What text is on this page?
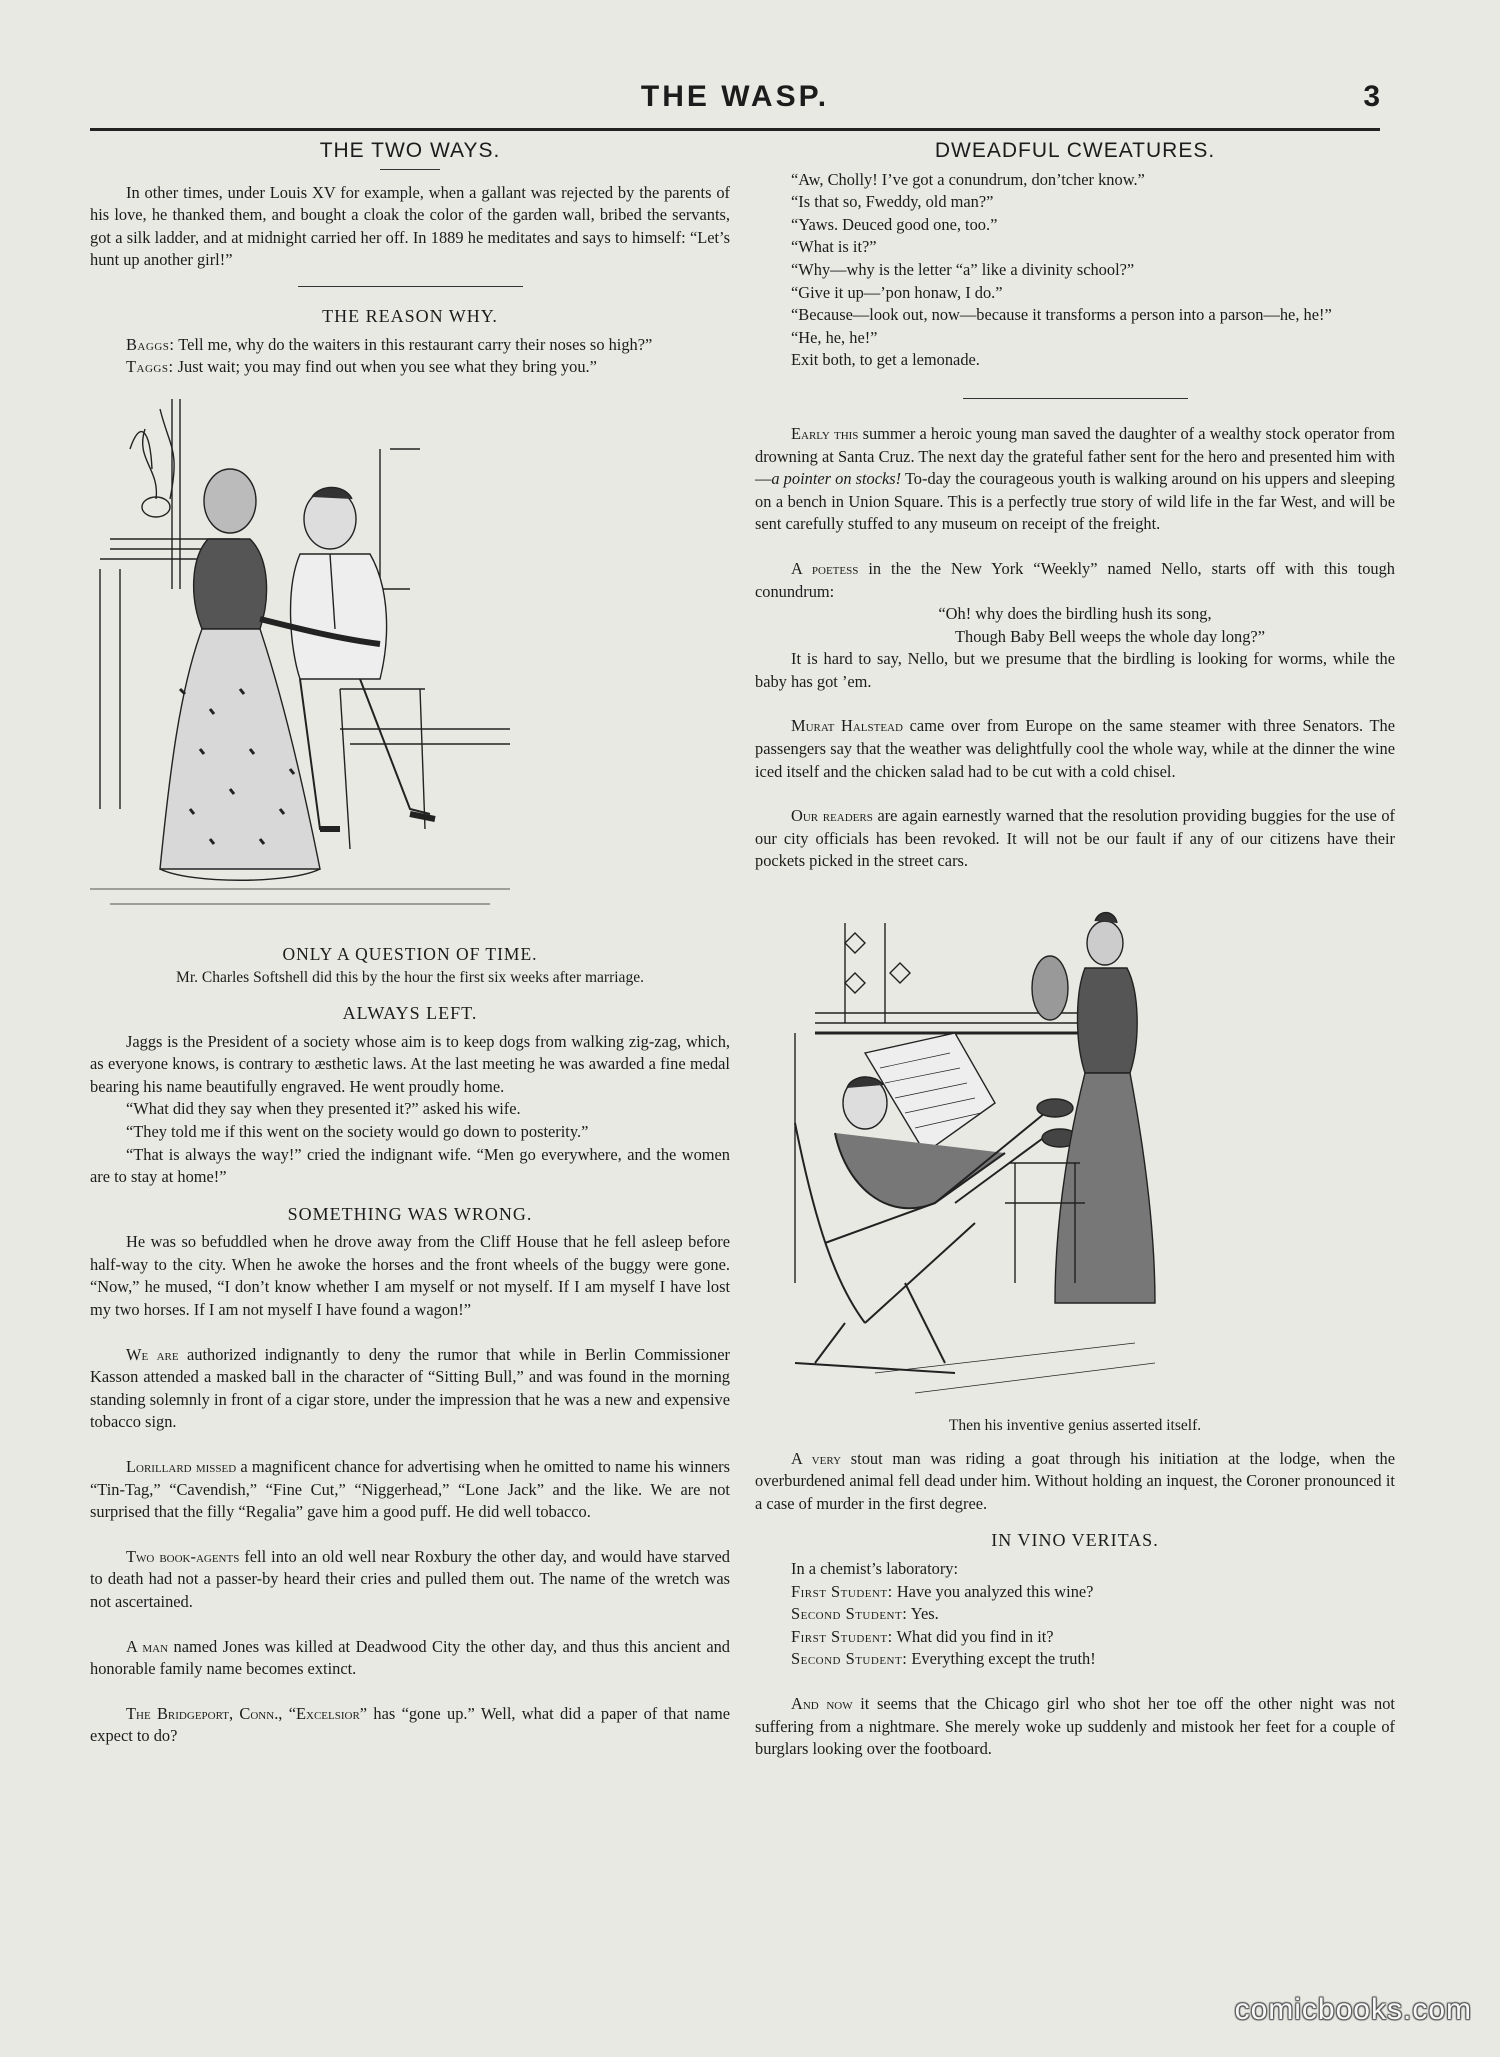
THE WASP.	3
THE TWO WAYS.

In other times, under Louis XV for example, when a gallant was rejected by the parents of his love, he thanked them, and bought a cloak the color of the garden wall, bribed the servants, got a silk ladder, and at midnight carried her off. In 1889 he meditates and says to himself: “Let’s hunt up another girl!”

THE REASON WHY.

Baggs: Tell me, why do the waiters in this restaurant carry their noses so high?”

Taggs: Just wait; you may find out when you see what they bring you.”

ONLY A QUESTION OF TIME.
Mr. Charles Softshell did this by the hour the first six weeks after marriage.
ALWAYS LEFT.

Jaggs is the President of a society whose aim is to keep dogs from walking zig-zag, which, as everyone knows, is contrary to æsthetic laws. At the last meeting he was awarded a fine medal bearing his name beautifully engraved. He went proudly home.

“What did they say when they presented it?” asked his wife.

“They told me if this went on the society would go down to posterity.”

“That is always the way!” cried the indignant wife. “Men go everywhere, and the women are to stay at home!”

SOMETHING WAS WRONG.

He was so befuddled when he drove away from the Cliff House that he fell asleep before half-way to the city. When he awoke the horses and the front wheels of the buggy were gone. “Now,” he mused, “I don’t know whether I am myself or not myself. If I am myself I have lost my two horses. If I am not myself I have found a wagon!”

We are authorized indignantly to deny the rumor that while in Berlin Commissioner Kasson attended a masked ball in the character of “Sitting Bull,” and was found in the morning standing solemnly in front of a cigar store, under the impression that he was a new and expensive tobacco sign.

Lorillard missed a magnificent chance for advertising when he omitted to name his winners “Tin-Tag,” “Cavendish,” “Fine Cut,” “Niggerhead,” “Lone Jack” and the like. We are not surprised that the filly “Regalia” gave him a good puff. He did well tobacco.

Two book-agents fell into an old well near Roxbury the other day, and would have starved to death had not a passer-by heard their cries and pulled them out. The name of the wretch was not ascertained.

A man named Jones was killed at Deadwood City the other day, and thus this ancient and honorable family name becomes extinct.

The Bridgeport, Conn., “Excelsior” has “gone up.” Well, what did a paper of that name expect to do?

DWEADFUL CWEATURES.

“Aw, Cholly! I’ve got a conundrum, don’tcher know.”

“Is that so, Fweddy, old man?”

“Yaws. Deuced good one, too.”

“What is it?”

“Why—why is the letter “a” like a divinity school?”

“Give it up—’pon honaw, I do.”

“Because—look out, now—because it transforms a person into a parson—he, he!”

“He, he, he!”

Exit both, to get a lemonade.

Early this summer a heroic young man saved the daughter of a wealthy stock operator from drowning at Santa Cruz. The next day the grateful father sent for the hero and presented him with—a pointer on stocks! To-day the courageous youth is walking around on his uppers and sleeping on a bench in Union Square. This is a perfectly true story of wild life in the far West, and will be sent carefully stuffed to any museum on receipt of the freight.

A poetess in the the New York “Weekly” named Nello, starts off with this tough conundrum:

“Oh! why does the birdling hush its song,

Though Baby Bell weeps the whole day long?”

It is hard to say, Nello, but we presume that the birdling is looking for worms, while the baby has got ’em.

Murat Halstead came over from Europe on the same steamer with three Senators. The passengers say that the weather was delightfully cool the whole way, while at the dinner the wine iced itself and the chicken salad had to be cut with a cold chisel.

Our readers are again earnestly warned that the resolution providing buggies for the use of our city officials has been revoked. It will not be our fault if any of our citizens have their pockets picked in the street cars.

Then his inventive genius asserted itself.

A very stout man was riding a goat through his initiation at the lodge, when the overburdened animal fell dead under him. Without holding an inquest, the Coroner pronounced it a case of murder in the first degree.

IN VINO VERITAS.

In a chemist’s laboratory:

First Student: Have you analyzed this wine?

Second Student: Yes.

First Student: What did you find in it?

Second Student: Everything except the truth!

And now it seems that the Chicago girl who shot her toe off the other night was not suffering from a nightmare. She merely woke up suddenly and mistook her feet for a couple of burglars looking over the footboard.

comicbooks.com
